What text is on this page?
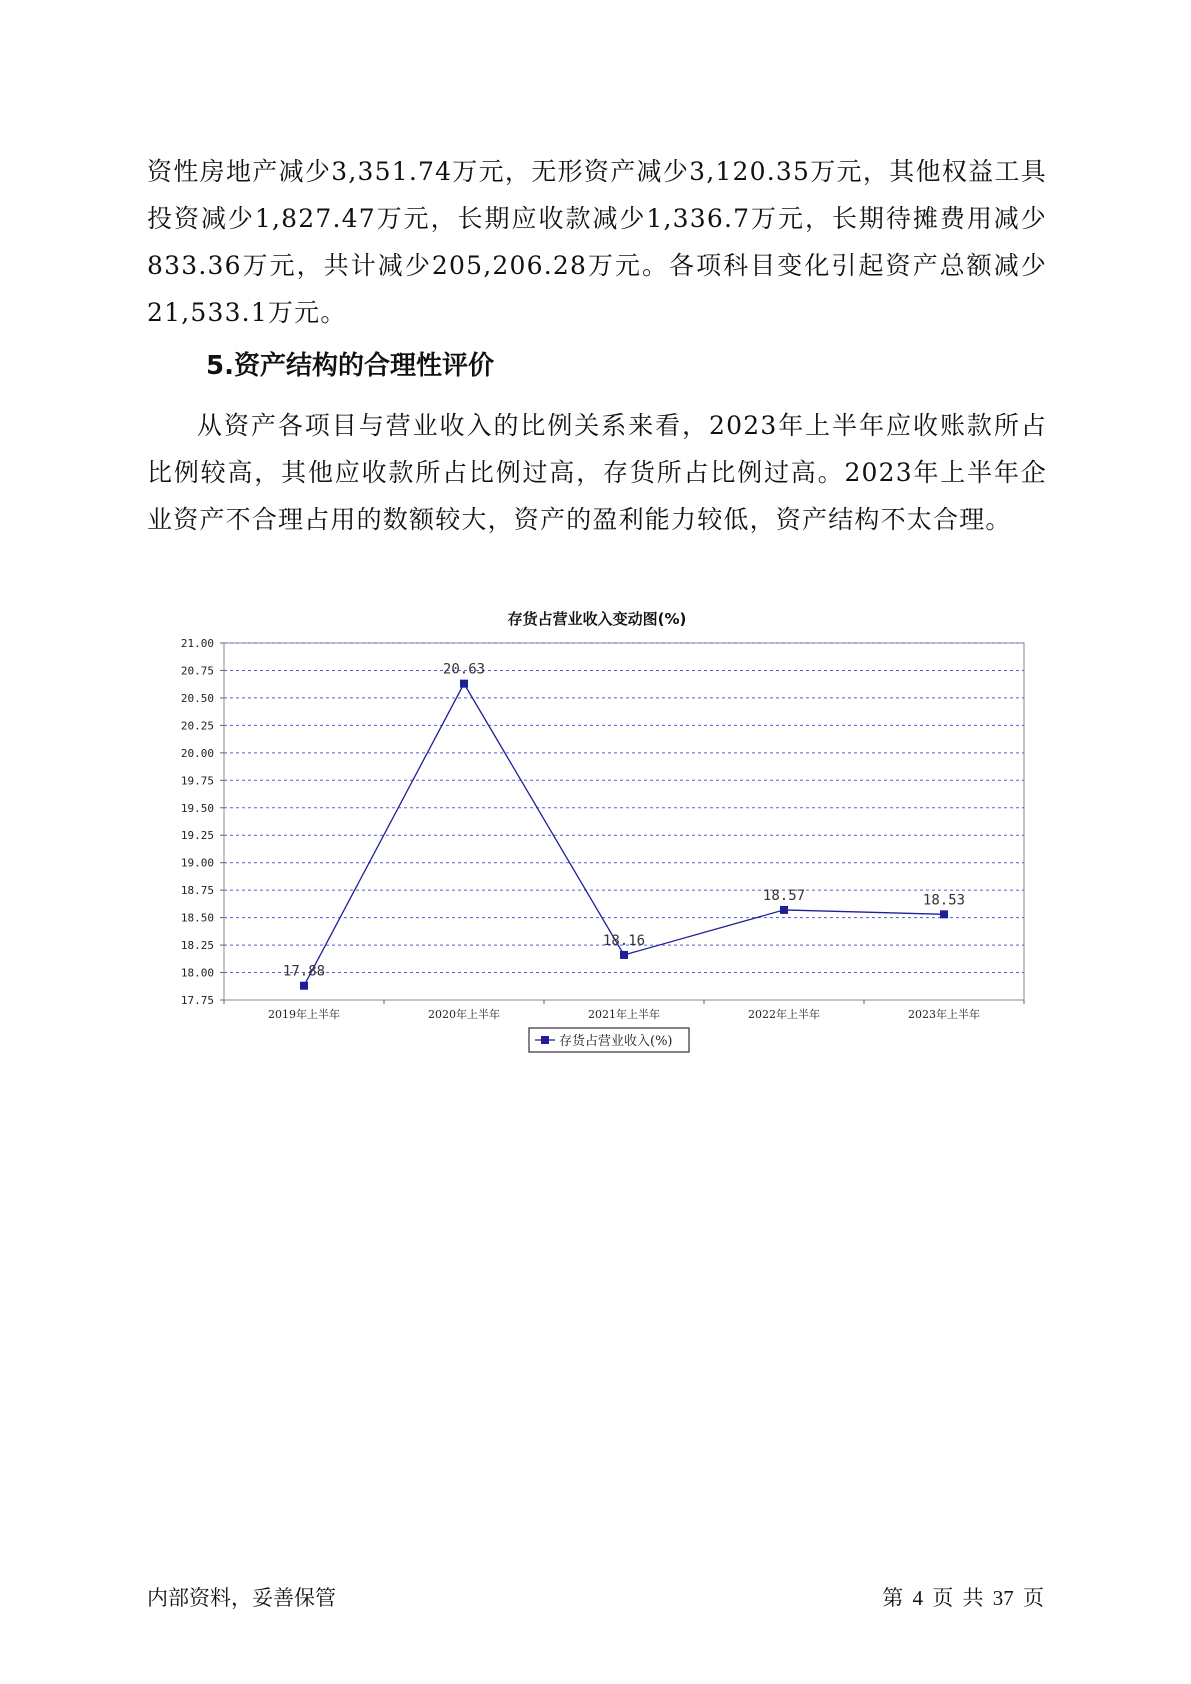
资性房地产减少3,351.74万元，无形资产减少3,120.35万元，其他权益工具投资减少1,827.47万元，长期应收款减少1,336.7万元，长期待摊费用减少833.36万元，共计减少205,206.28万元。各项科目变化引起资产总额减少21,533.1万元。

5.资产结构的合理性评价

从资产各项目与营业收入的比例关系来看，2023年上半年应收账款所占比例较高，其他应收款所占比例过高，存货所占比例过高。2023年上半年企业资产不合理占用的数额较大，资产的盈利能力较低，资产结构不太合理。

存货占营业收入变动图(%)
21.00
20.75
20.50
20.25
20.00
19.75
19.50
19.25
19.00
18.75
18.50
18.25
18.00
17.75
2019年上半年	2020年上半年	2021年上半年	2022年上半年	2023年上半年
17.88
20.63
18.16
18.57	18.53
存货占营业收入(%)
内部资料，妥善保管	第 4 页 共 37 页
